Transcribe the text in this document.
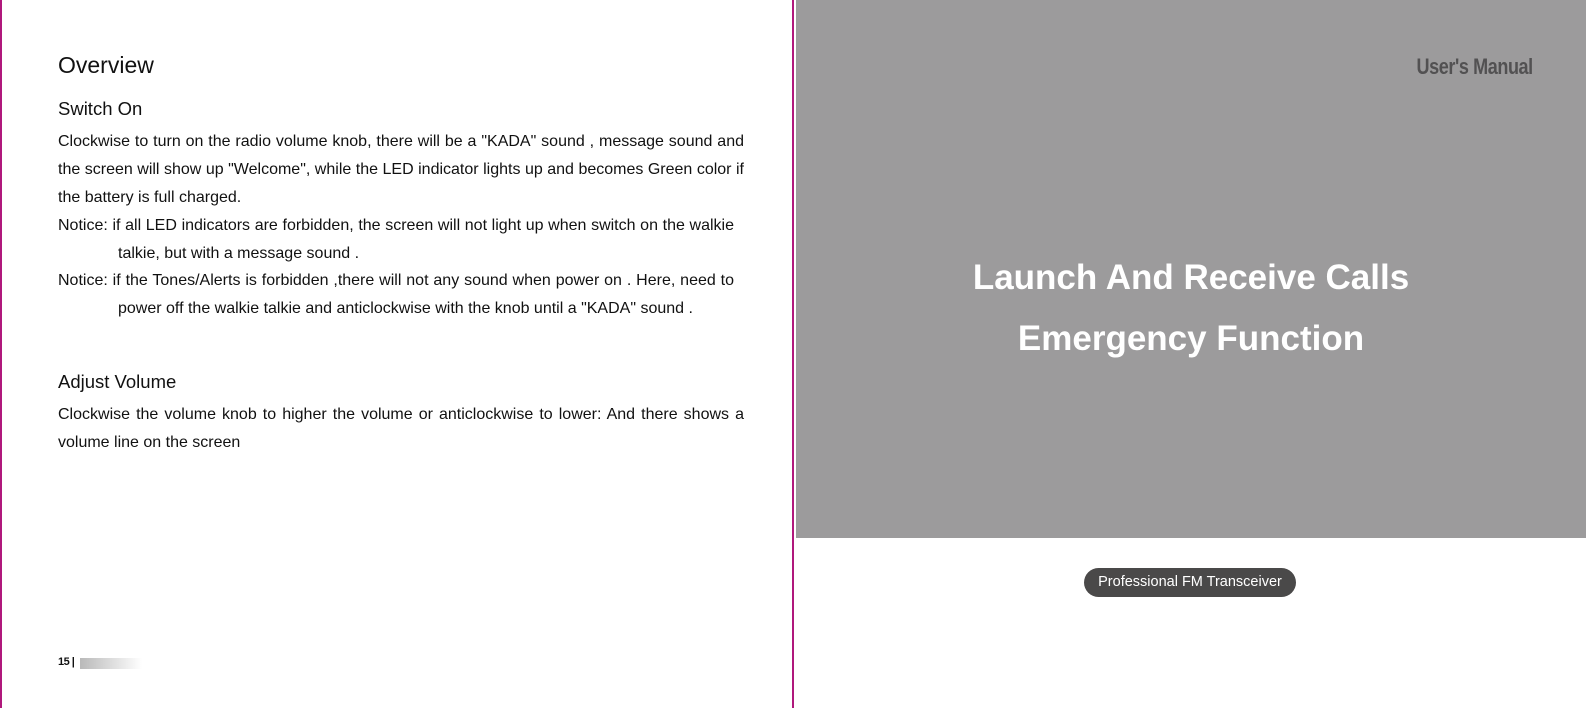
Overview
Switch On
Clockwise to turn on the radio volume knob, there will be a "KADA" sound , message sound and the screen will show up "Welcome", while the LED indicator lights up and becomes Green color if the battery is full charged.
Notice: if all LED indicators are forbidden, the screen will not light up when switch on the walkie talkie, but with a message sound .
Notice: if the Tones/Alerts is forbidden ,there will not any sound when power on . Here, need to power off the walkie talkie and anticlockwise with the knob until a "KADA" sound .
Adjust Volume
Clockwise the volume knob to higher the volume or anticlockwise to lower: And there shows a volume line on the screen
15 |
User's Manual
Launch And Receive Calls
Emergency Function
Professional FM Transceiver
